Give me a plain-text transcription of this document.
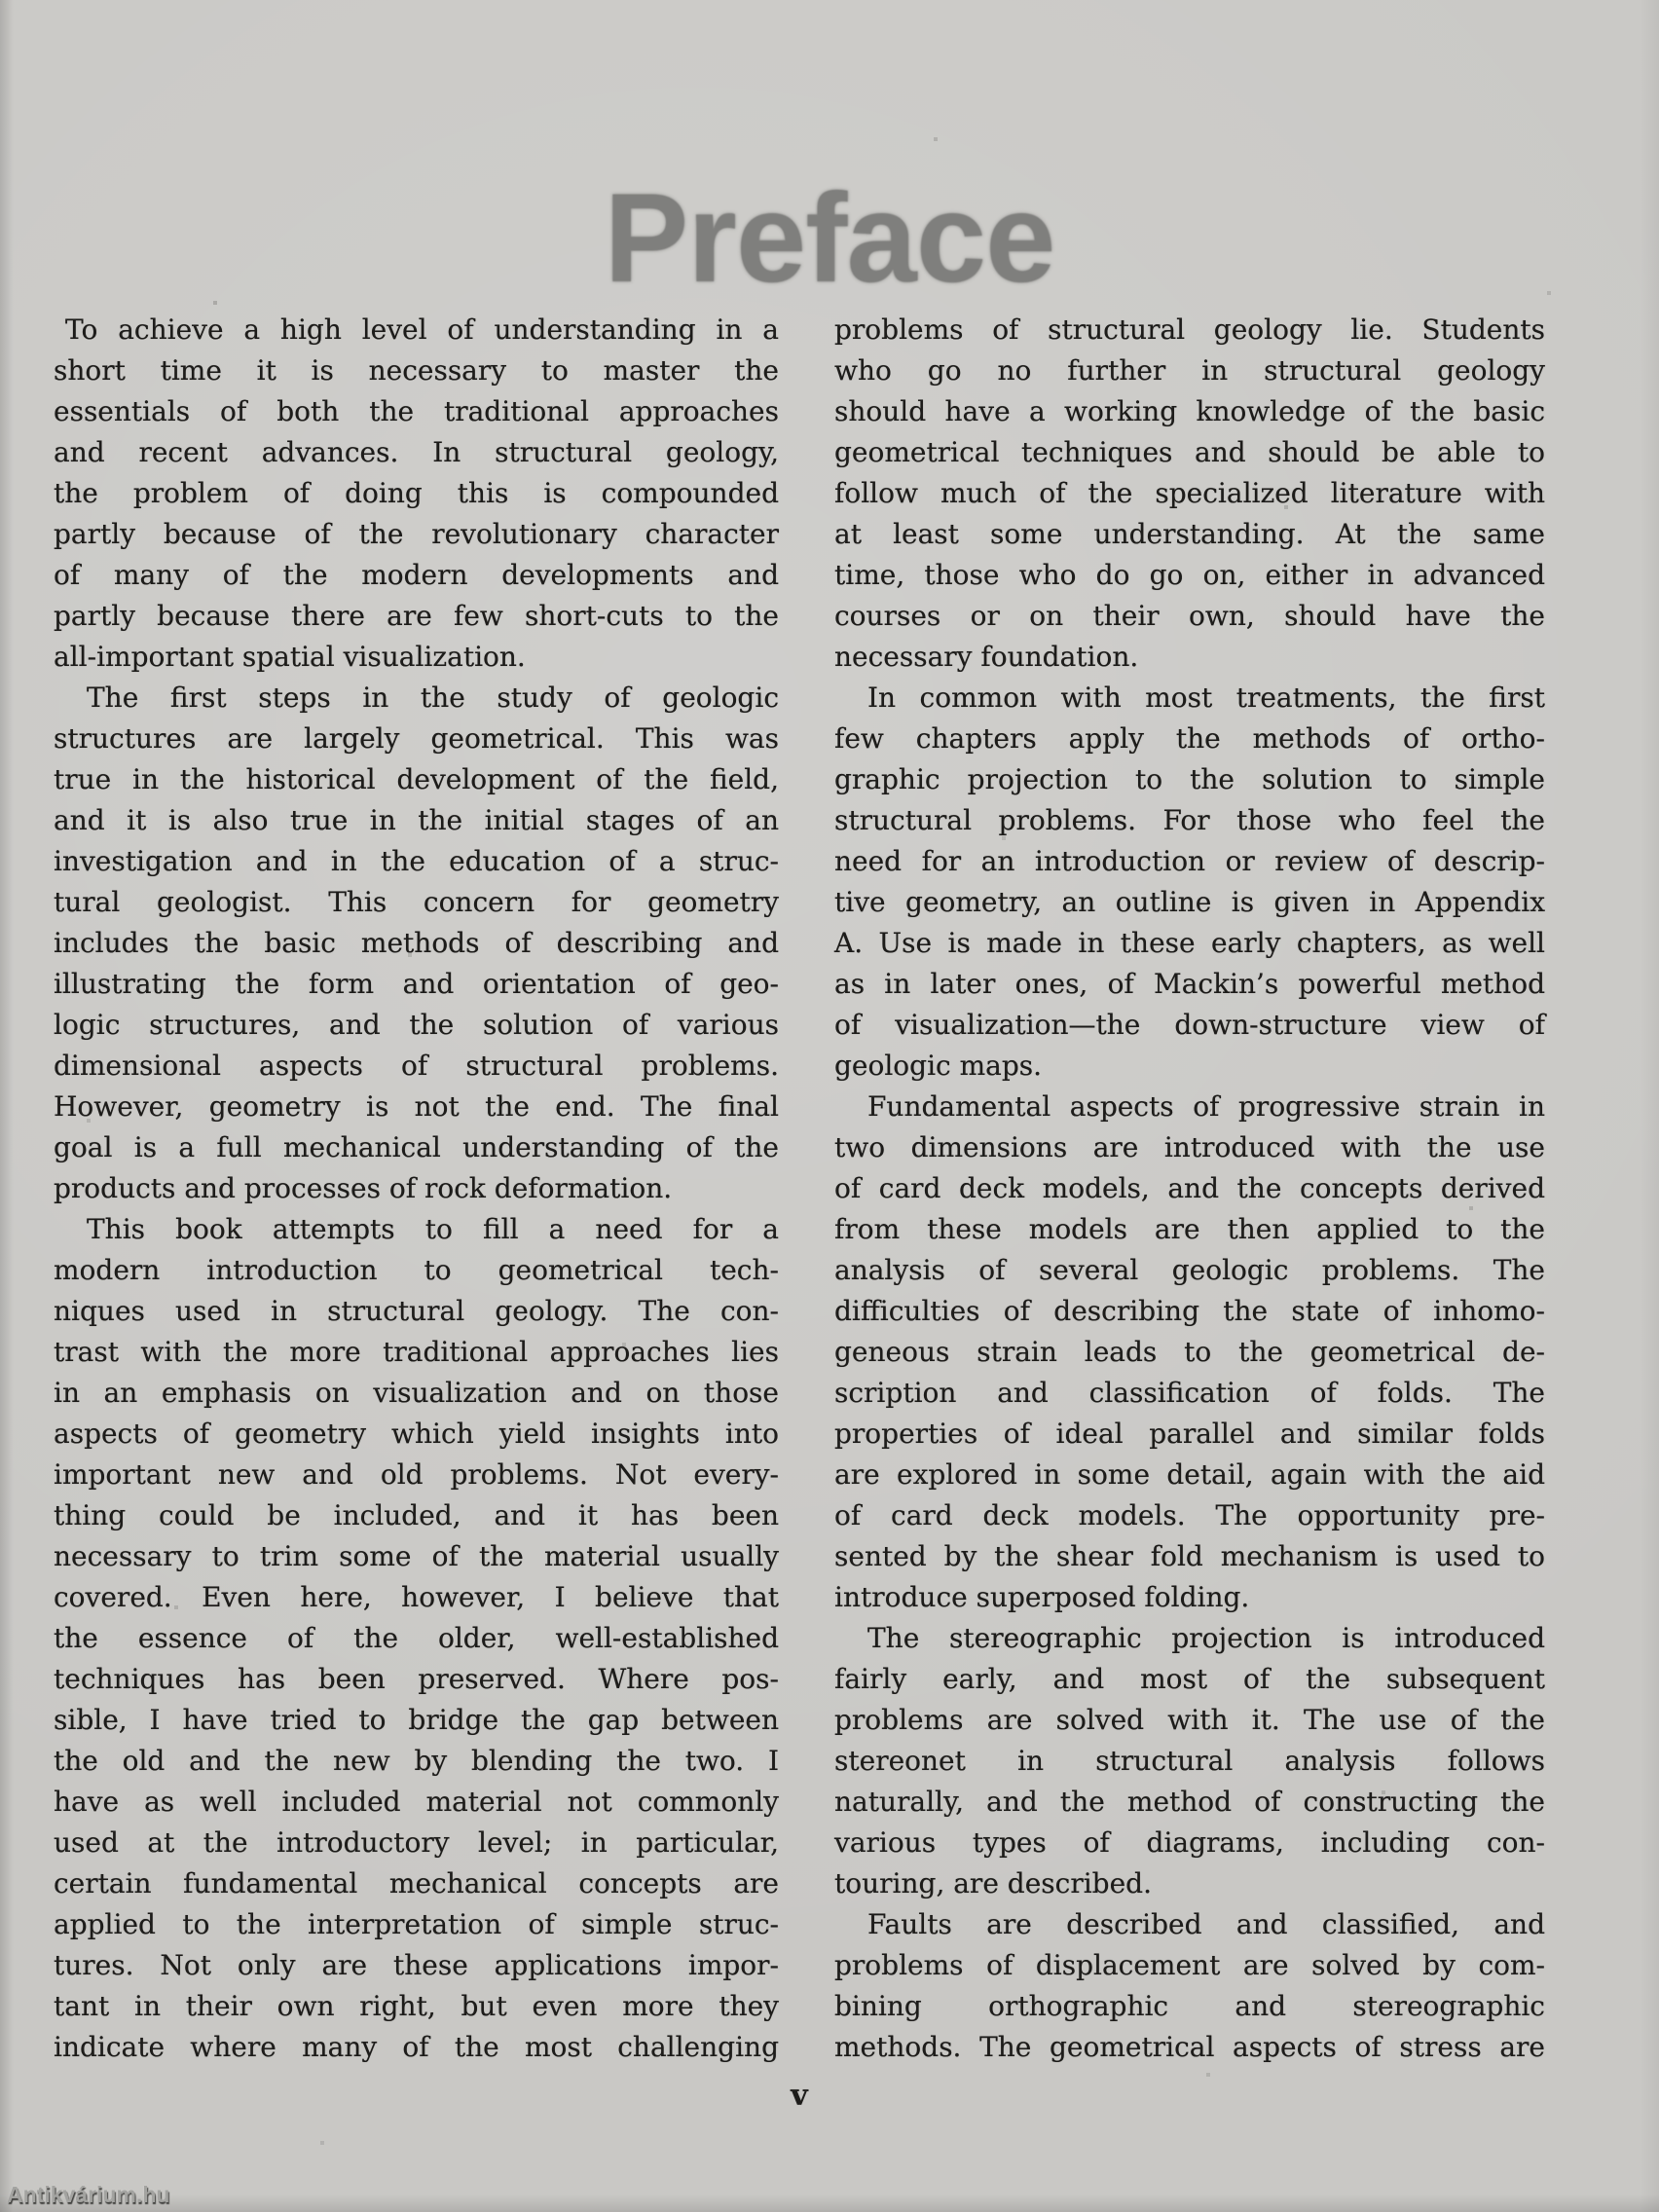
Preface
To achieve a high level of understanding in a
short time it is necessary to master the
essentials of both the traditional approaches
and recent advances. In structural geology,
the problem of doing this is compounded
partly because of the revolutionary character
of many of the modern developments and
partly because there are few short-cuts to the
all-important spatial visualization.
The first steps in the study of geologic
structures are largely geometrical. This was
true in the historical development of the field,
and it is also true in the initial stages of an
investigation and in the education of a struc-
tural geologist. This concern for geometry
includes the basic methods of describing and
illustrating the form and orientation of geo-
logic structures, and the solution of various
dimensional aspects of structural problems.
However, geometry is not the end. The final
goal is a full mechanical understanding of the
products and processes of rock deformation.
This book attempts to fill a need for a
modern introduction to geometrical tech-
niques used in structural geology. The con-
trast with the more traditional approaches lies
in an emphasis on visualization and on those
aspects of geometry which yield insights into
important new and old problems. Not every-
thing could be included, and it has been
necessary to trim some of the material usually
covered. Even here, however, I believe that
the essence of the older, well-established
techniques has been preserved. Where pos-
sible, I have tried to bridge the gap between
the old and the new by blending the two. I
have as well included material not commonly
used at the introductory level; in particular,
certain fundamental mechanical concepts are
applied to the interpretation of simple struc-
tures. Not only are these applications impor-
tant in their own right, but even more they
indicate where many of the most challenging
problems of structural geology lie. Students
who go no further in structural geology
should have a working knowledge of the basic
geometrical techniques and should be able to
follow much of the specialized literature with
at least some understanding. At the same
time, those who do go on, either in advanced
courses or on their own, should have the
necessary foundation.
In common with most treatments, the first
few chapters apply the methods of ortho-
graphic projection to the solution to simple
structural problems. For those who feel the
need for an introduction or review of descrip-
tive geometry, an outline is given in Appendix
A. Use is made in these early chapters, as well
as in later ones, of Mackin’s powerful method
of visualization—the down-structure view of
geologic maps.
Fundamental aspects of progressive strain in
two dimensions are introduced with the use
of card deck models, and the concepts derived
from these models are then applied to the
analysis of several geologic problems. The
difficulties of describing the state of inhomo-
geneous strain leads to the geometrical de-
scription and classification of folds. The
properties of ideal parallel and similar folds
are explored in some detail, again with the aid
of card deck models. The opportunity pre-
sented by the shear fold mechanism is used to
introduce superposed folding.
The stereographic projection is introduced
fairly early, and most of the subsequent
problems are solved with it. The use of the
stereonet in structural analysis follows
naturally, and the method of constructing the
various types of diagrams, including con-
touring, are described.
Faults are described and classified, and
problems of displacement are solved by com-
bining orthographic and stereographic
methods. The geometrical aspects of stress are
v
Antikvárium.hu
